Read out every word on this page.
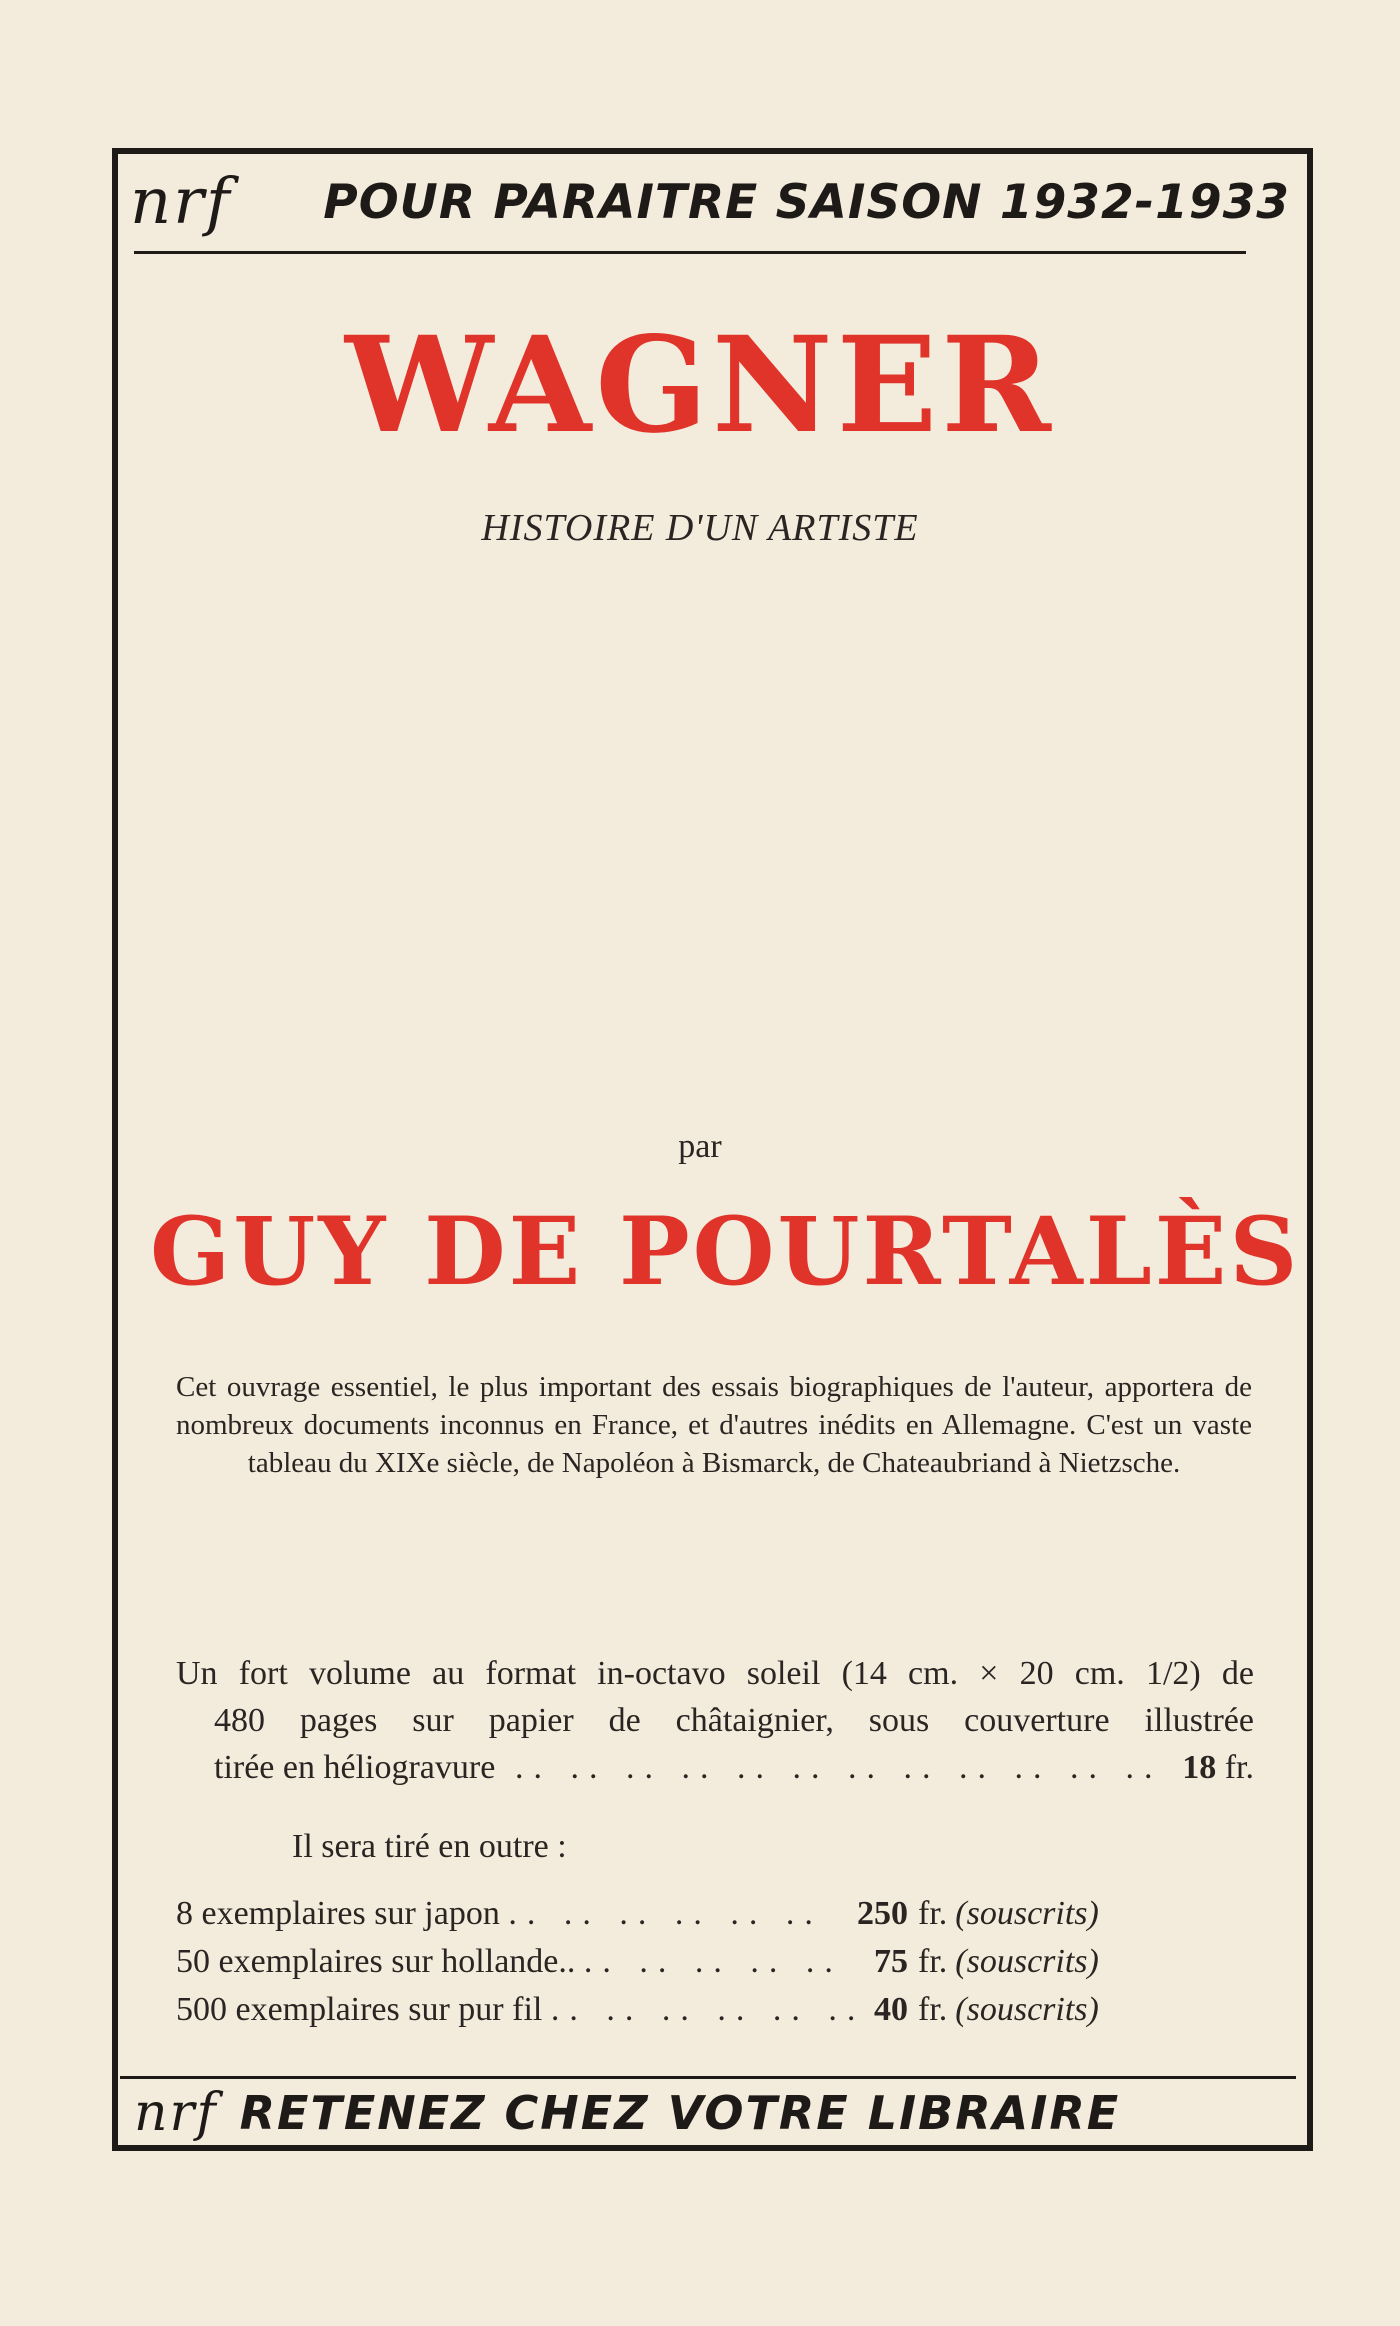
nrf POUR PARAITRE SAISON 1932-1933
WAGNER
HISTOIRE D'UN ARTISTE
par
GUY DE POURTALÈS
Cet ouvrage essentiel, le plus important des essais biographiques de l'auteur, apportera de nombreux documents inconnus en France, et d'autres inédits en Allemagne. C'est un vaste tableau du XIXe siècle, de Napoléon à Bismarck, de Chateaubriand à Nietzsche.
Un fort volume au format in-octavo soleil (14 cm. × 20 cm. 1/2) de
480 pages sur papier de châtaignier, sous couverture illustrée
tirée en héliogravure .. .. .. .. .. .. .. .. .. .. .. .. 18 fr.
Il sera tiré en outre :
8 exemplaires sur japon .. .. .. .. .. ..	250 fr. (souscrits)
50 exemplaires sur hollande.. .. .. .. .. .. 75 fr. (souscrits)
500 exemplaires sur pur fil .. .. .. .. .. .. 40 fr. (souscrits)
nrf RETENEZ CHEZ VOTRE LIBRAIRE
